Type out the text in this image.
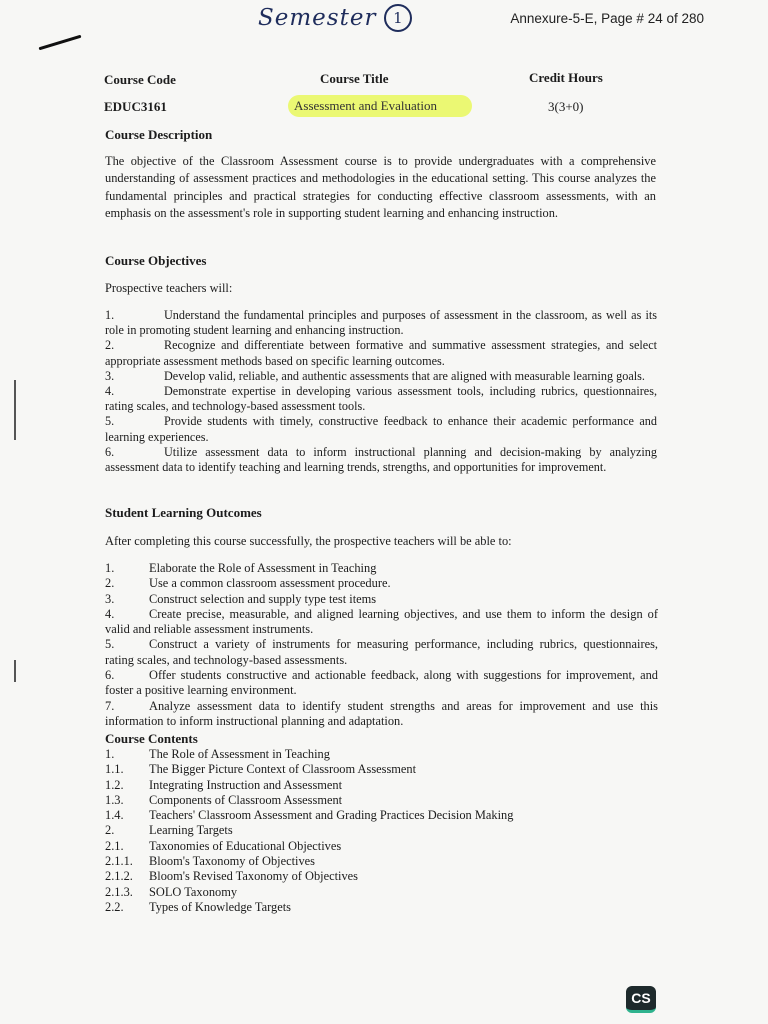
Semester	1	Annexure-5-E, Page # 24 of 280
Course Code	Course Title	Credit Hours
EDUC3161	Assessment and Evaluation	3(3+0)
Course Description
The objective of the Classroom Assessment course is to provide undergraduates with a comprehensive understanding of assessment practices and methodologies in the educational setting. This course analyzes the fundamental principles and practical strategies for conducting effective classroom assessments, with an emphasis on the assessment's role in supporting student learning and enhancing instruction.
Course Objectives
Prospective teachers will:
1.	Understand the fundamental principles and purposes of assessment in the classroom, as well as its role in promoting student learning and enhancing instruction.
2.	Recognize and differentiate between formative and summative assessment strategies, and select appropriate assessment methods based on specific learning outcomes.
3.	Develop valid, reliable, and authentic assessments that are aligned with measurable learning goals.
4.	Demonstrate expertise in developing various assessment tools, including rubrics, questionnaires, rating scales, and technology-based assessment tools.
5.	Provide students with timely, constructive feedback to enhance their academic performance and learning experiences.
6.	Utilize assessment data to inform instructional planning and decision-making by analyzing assessment data to identify teaching and learning trends, strengths, and opportunities for improvement.
Student Learning Outcomes
After completing this course successfully, the prospective teachers will be able to:
1.	Elaborate the Role of Assessment in Teaching
2.	Use a common classroom assessment procedure.
3.	Construct selection and supply type test items
4.	Create precise, measurable, and aligned learning objectives, and use them to inform the design of valid and reliable assessment instruments.
5.	Construct a variety of instruments for measuring performance, including rubrics, questionnaires, rating scales, and technology-based assessments.
6.	Offer students constructive and actionable feedback, along with suggestions for improvement, and foster a positive learning environment.
7.	Analyze assessment data to identify student strengths and areas for improvement and use this information to inform instructional planning and adaptation.
Course Contents
1.	The Role of Assessment in Teaching
1.1. The Bigger Picture Context of Classroom Assessment
1.2. Integrating Instruction and Assessment
1.3. Components of Classroom Assessment
1.4. Teachers' Classroom Assessment and Grading Practices Decision Making
2.	Learning Targets
2.1. Taxonomies of Educational Objectives
2.1.1. Bloom's Taxonomy of Objectives
2.1.2. Bloom's Revised Taxonomy of Objectives
2.1.3. SOLO Taxonomy
2.2. Types of Knowledge Targets
CS
